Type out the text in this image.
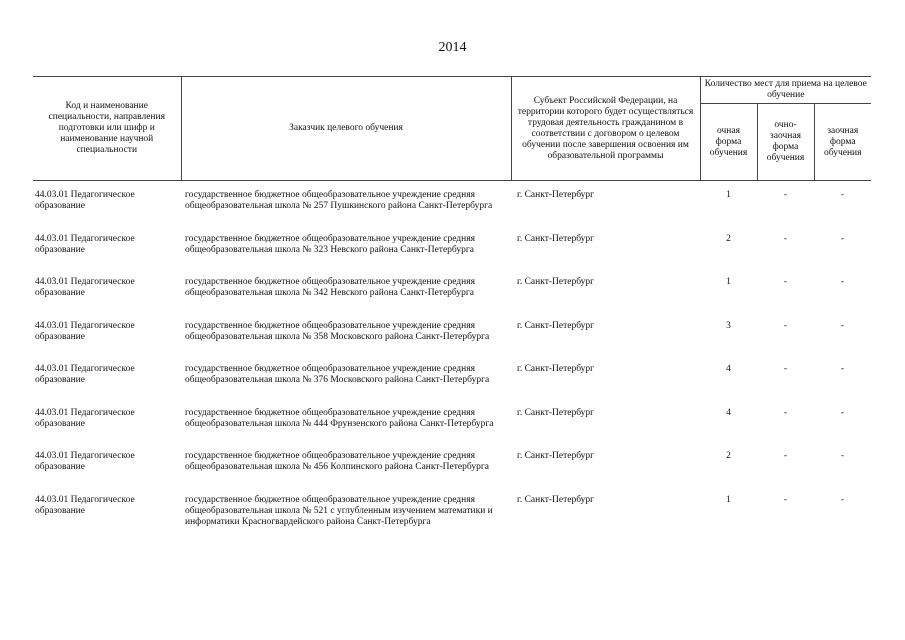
2014
Код и наименование специальности, направления подготовки или шифр и наименование научной специальности	Заказчик целевого обучения	Субъект Российской Федерации, на территории которого будет осуществляться трудовая деятельность гражданином в соответствии с договором о целевом обучении после завершения освоения им образовательной программы	Количество мест для приема на целевое обучение		
			очная форма обучения	очно-заочная форма обучения	заочная форма обучения

44.03.01 Педагогическое образование	государственное бюджетное общеобразовательное учреждение средняя общеобразовательная школа № 257 Пушкинского района Санкт-Петербурга	г. Санкт-Петербург	1	-	-
44.03.01 Педагогическое образование	государственное бюджетное общеобразовательное учреждение средняя общеобразовательная школа № 323 Невского района Санкт-Петербурга	г. Санкт-Петербург	2	-	-
44.03.01 Педагогическое образование	государственное бюджетное общеобразовательное учреждение средняя общеобразовательная школа № 342 Невского района Санкт-Петербурга	г. Санкт-Петербург	1	-	-
44.03.01 Педагогическое образование	государственное бюджетное общеобразовательное учреждение средняя общеобразовательная школа № 358 Московского района Санкт-Петербурга	г. Санкт-Петербург	3	-	-
44.03.01 Педагогическое образование	государственное бюджетное общеобразовательное учреждение средняя общеобразовательная школа № 376 Московского района Санкт-Петербурга	г. Санкт-Петербург	4	-	-
44.03.01 Педагогическое образование	государственное бюджетное общеобразовательное учреждение средняя общеобразовательная школа № 444 Фрунзенского района Санкт-Петербурга	г. Санкт-Петербург	4	-	-
44.03.01 Педагогическое образование	государственное бюджетное общеобразовательное учреждение средняя общеобразовательная школа № 456 Колпинского района Санкт-Петербурга	г. Санкт-Петербург	2	-	-
44.03.01 Педагогическое образование	государственное бюджетное общеобразовательное учреждение средняя общеобразовательная школа № 521 с углубленным изучением математики и информатики Красногвардейского района Санкт-Петербурга	г. Санкт-Петербург	1	-	-
